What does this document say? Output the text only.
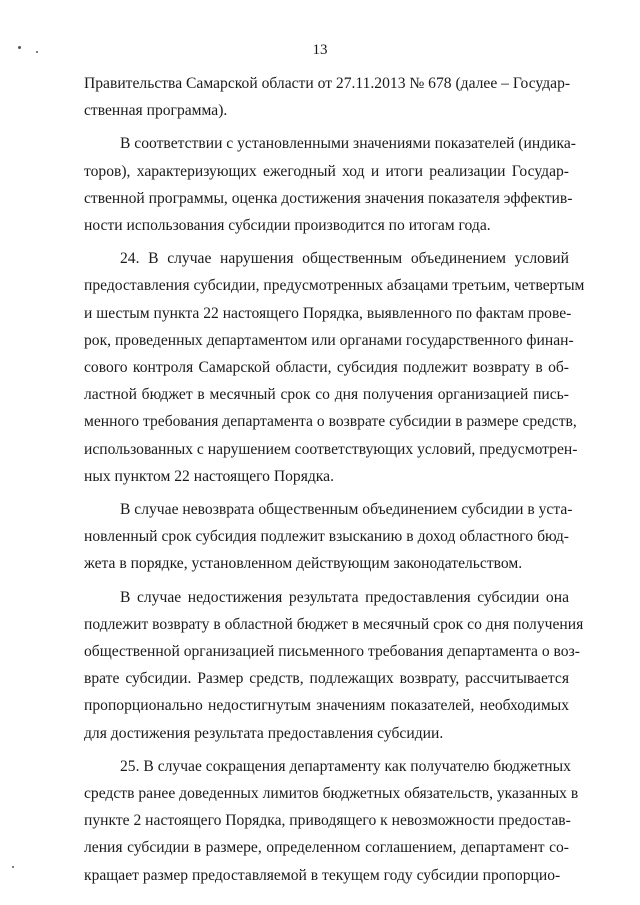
13
Правительства Самарской области от 27.11.2013 № 678 (далее – Государ-
ственная программа).
В соответствии с установленными значениями показателей (индика-
торов), характеризующих ежегодный ход и итоги реализации Государ-
ственной программы, оценка достижения значения показателя эффектив-
ности использования субсидии производится по итогам года.
24. В случае нарушения общественным объединением условий
предоставления субсидии, предусмотренных абзацами третьим, четвертым
и шестым пункта 22 настоящего Порядка, выявленного по фактам прове-
рок, проведенных департаментом или органами государственного финан-
сового контроля Самарской области, субсидия подлежит возврату в об-
ластной бюджет в месячный срок со дня получения организацией пись-
менного требования департамента о возврате субсидии в размере средств,
использованных с нарушением соответствующих условий, предусмотрен-
ных пунктом 22 настоящего Порядка.
В случае невозврата общественным объединением субсидии в уста-
новленный срок субсидия подлежит взысканию в доход областного бюд-
жета в порядке, установленном действующим законодательством.
В случае недостижения результата предоставления субсидии она
подлежит возврату в областной бюджет в месячный срок со дня получения
общественной организацией письменного требования департамента о воз-
врате субсидии. Размер средств, подлежащих возврату, рассчитывается
пропорционально недостигнутым значениям показателей, необходимых
для достижения результата предоставления субсидии.
25. В случае сокращения департаменту как получателю бюджетных
средств ранее доведенных лимитов бюджетных обязательств, указанных в
пункте 2 настоящего Порядка, приводящего к невозможности предостав-
ления субсидии в размере, определенном соглашением, департамент со-
кращает размер предоставляемой в текущем году субсидии пропорцио-
